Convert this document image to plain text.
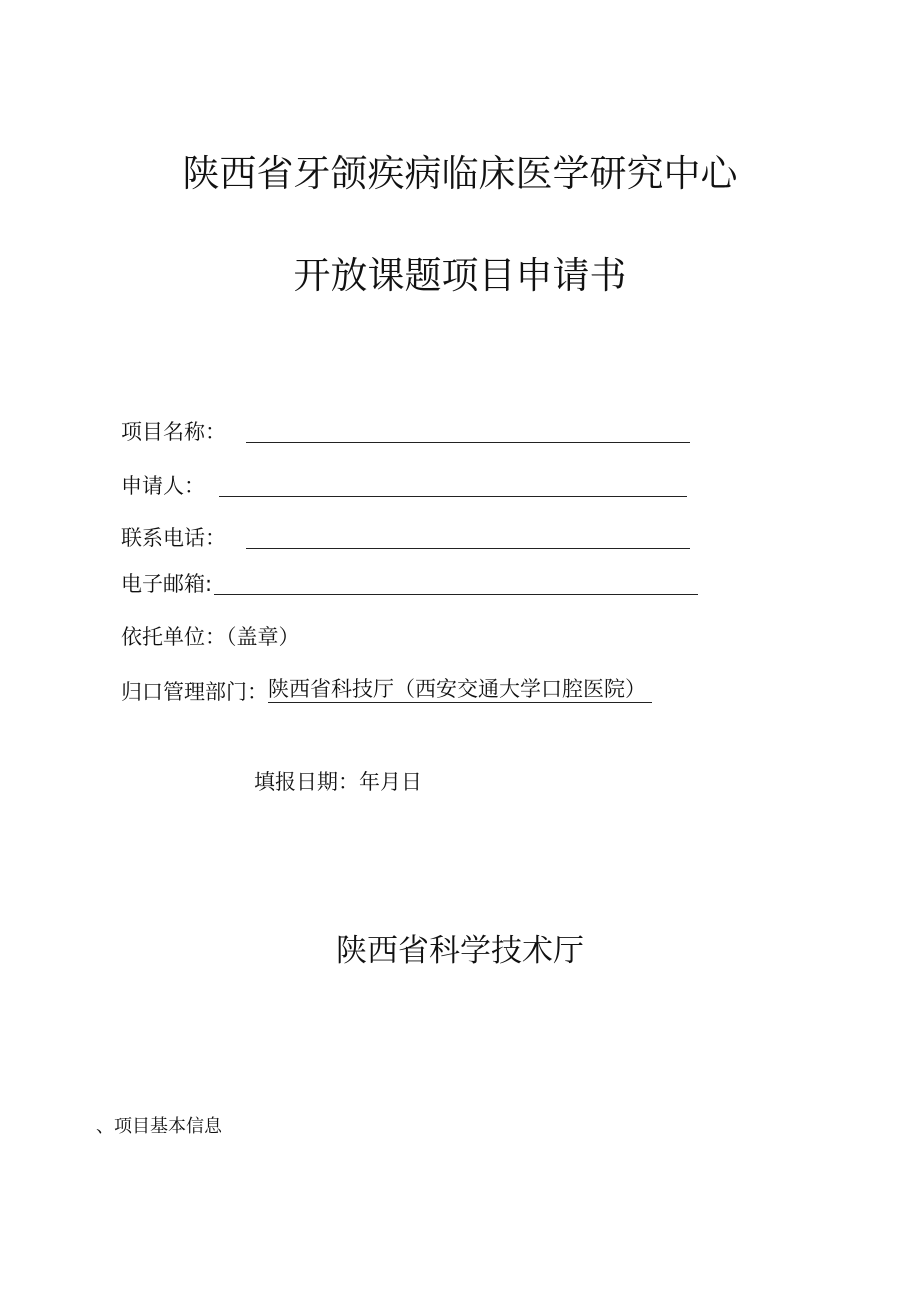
陕西省牙颌疾病临床医学研究中心
开放课题项目申请书
项目名称：
申请人：
联系电话：
电子邮箱:
依托单位：（盖章）
归口管理部门： 陕西省科技厅（西安交通大学口腔医院）
填报日期：年月日
陕西省科学技术厅
、项目基本信息
